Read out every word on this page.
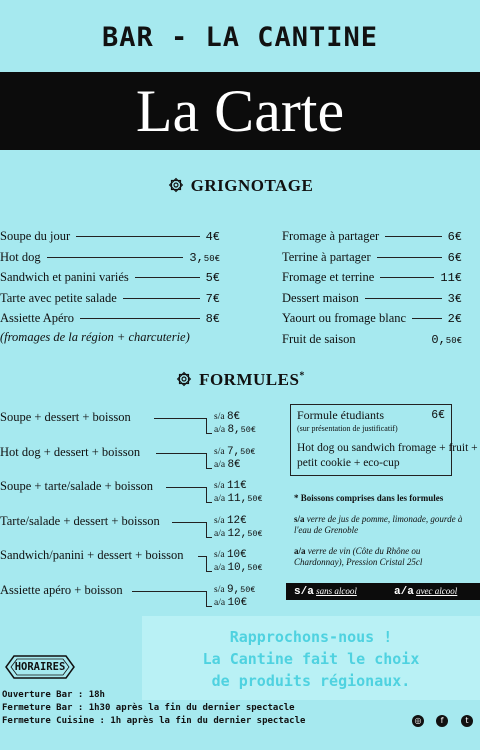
BAR - LA CANTINE
La Carte
GRIGNOTAGE
Soupe du jour	4€
Hot dog	3,50€
Sandwich et panini variés	5€
Tarte avec petite salade	7€
Assiette Apéro	8€
Fromage à partager	6€
Terrine à partager	6€
Fromage et terrine	11€
Dessert maison	3€
Yaourt ou fromage blanc	2€
Fruit de saison	0,50€
(fromages de la région + charcuterie)
FORMULES*
Soupe + dessert + boisson	s/a 8€
a/a 8,50€
Hot dog + dessert + boisson	s/a 7,50€
a/a 8€
Soupe + tarte/salade + boisson	s/a 11€
a/a 11,50€
Tarte/salade + dessert + boisson	s/a 12€
a/a 12,50€
Sandwich/panini + dessert + boisson	s/a 10€
a/a 10,50€
Assiette apéro + boisson	s/a 9,50€
a/a 10€
Formule étudiants	6€
(sur présentation de justificatif)
Hot dog ou sandwich fromage + fruit + petit cookie + eco-cup
* Boissons comprises dans les formules
s/a verre de jus de pomme, limonade, gourde à l'eau de Grenoble
a/a verre de vin (Côte du Rhône ou Chardonnay), Pression Cristal 25cl
s/a sans alcool	a/a avec alcool
Rapprochons-nous !
La Cantine fait le choix
de produits régionaux.
HORAIRES
Ouverture Bar : 18h
Fermeture Bar : 1h30 après la fin du dernier spectacle
Fermeture Cuisine : 1h après la fin du dernier spectacle	◎	f	t
